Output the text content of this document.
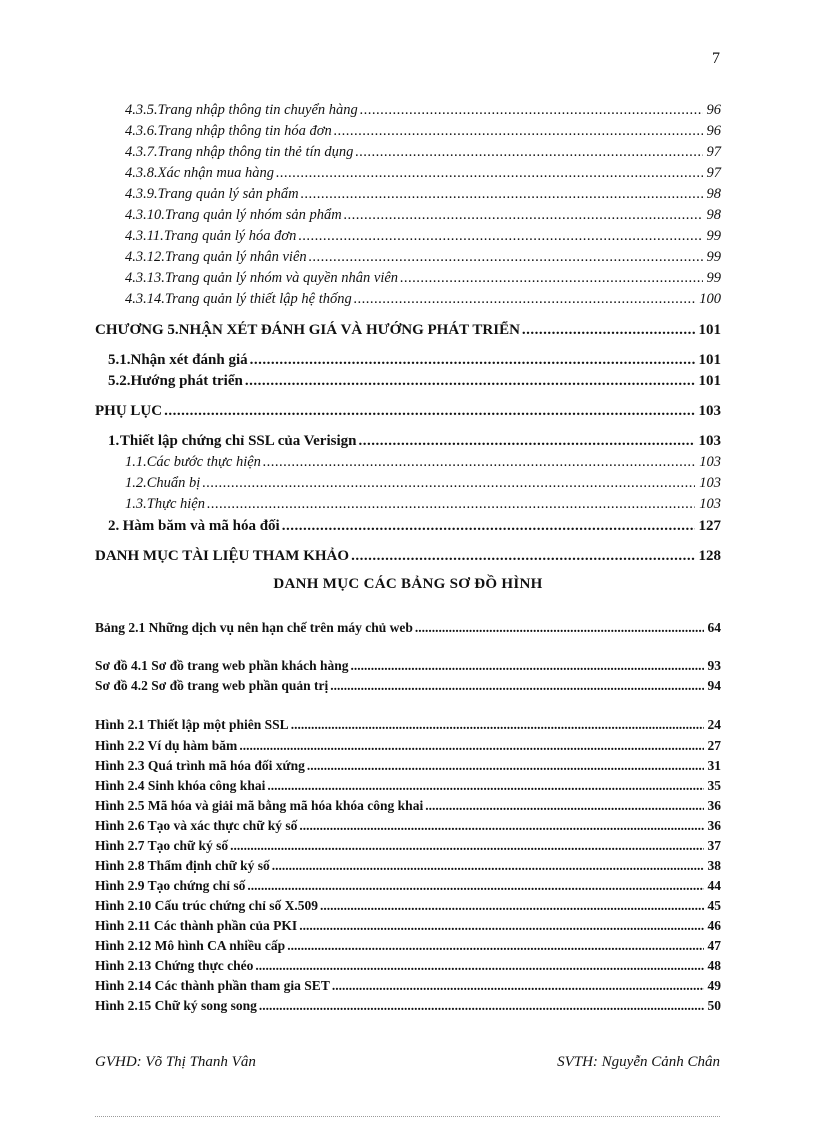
7
4.3.5. Trang nhập thông tin chuyển hàng .....	96
4.3.6. Trang nhập thông tin hóa đơn .....	96
4.3.7. Trang nhập thông tin thẻ tín dụng .....	97
4.3.8. Xác nhận mua hàng .....	97
4.3.9. Trang quản lý sản phẩm .....	98
4.3.10. Trang quản lý nhóm sản phẩm .....	98
4.3.11. Trang quản lý hóa đơn .....	99
4.3.12. Trang quản lý nhân viên .....	99
4.3.13. Trang quản lý nhóm và quyền nhân viên .....	99
4.3.14. Trang quản lý thiết lập hệ thống .....	100
CHƯƠNG 5.NHẬN XÉT ĐÁNH GIÁ VÀ HƯỚNG PHÁT TRIỂN .....	101
5.1. Nhận xét đánh giá .....	101
5.2. Hướng phát triển .....	101
PHỤ LỤC .....	103
1. Thiết lập chứng chỉ SSL của Verisign .....	103
1.1. Các bước thực hiện .....	103
1.2. Chuẩn bị .....	103
1.3. Thực hiện .....	103
2. Hàm băm và mã hóa đối .....	127
DANH MỤC TÀI LIỆU THAM KHẢO .....	128
DANH MỤC CÁC BẢNG SƠ ĐỒ HÌNH
Bảng 2.1 Những dịch vụ nên hạn chế trên máy chủ web .....	64
Sơ đồ 4.1 Sơ đồ trang web phần khách hàng .....	93
Sơ đồ 4.2 Sơ đồ trang web phần quản trị .....	94
Hình 2.1 Thiết lập một phiên SSL .....	24
Hình 2.2 Ví dụ hàm băm .....	27
Hình 2.3 Quá trình mã hóa đối xứng .....	31
Hình 2.4 Sinh khóa công khai .....	35
Hình 2.5 Mã hóa và giải mã bằng mã hóa khóa công khai .....	36
Hình 2.6 Tạo và xác thực chữ ký số .....	36
Hình 2.7 Tạo chữ ký số .....	37
Hình 2.8 Thẩm định chữ ký số .....	38
Hình 2.9 Tạo chứng chỉ số .....	44
Hình 2.10 Cấu trúc chứng chỉ số X.509 .....	45
Hình 2.11 Các thành phần của PKI .....	46
Hình 2.12 Mô hình CA nhiều cấp .....	47
Hình 2.13 Chứng thực chéo .....	48
Hình 2.14 Các thành phần tham gia SET .....	49
Hình 2.15 Chữ ký song song .....	50
GVHD: Võ Thị Thanh Vân	SVTH: Nguyễn Cảnh Chân
